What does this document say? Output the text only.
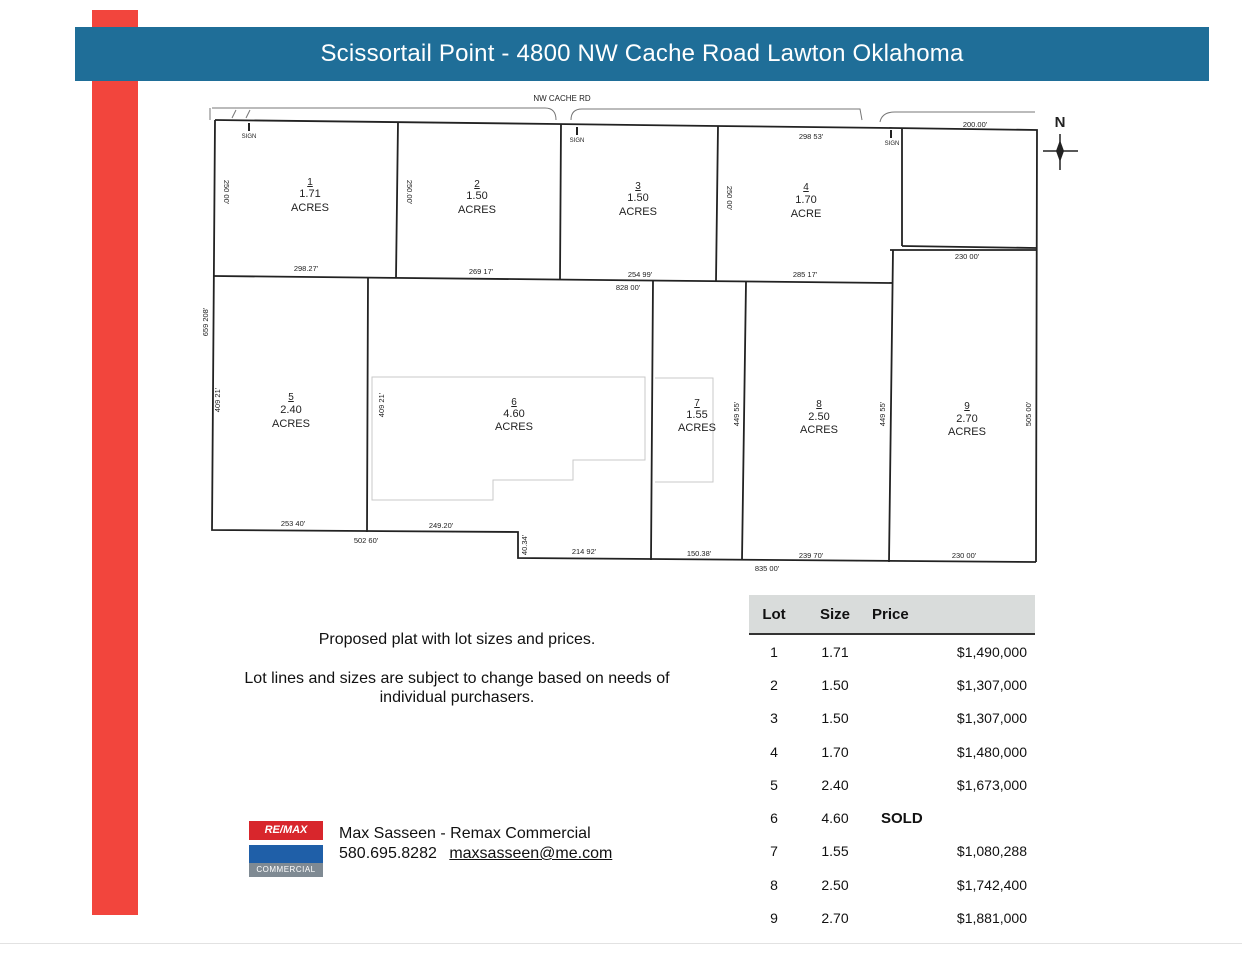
Scissortail Point - 4800 NW Cache Road Lawton Oklahoma
NW CACHE RD
SIGN
SIGN	SIGN
N
1
1.71
ACRES
2
1.50
ACRES
3
1.50
ACRES
4
1.70
ACRE
5
2.40
ACRES
6
4.60
ACRES
7
1.55
ACRES
8
2.50
ACRES
9
2.70
ACRES
200.00'
298 53'
298.27'	269 17'	254 99'
828 00'
285 17'
230 00'
253 40'	249.20'
502 60'
214 92'	150.38'	239 70'	230 00'
835 00'
250 00'	250.00'	250 00'
659 208'
409 21'	409 21'	449 55'	449 55'	505 00'
40.34'
Proposed plat with lot sizes and prices.
Lot lines and sizes are subject to change based on needs of
individual purchasers.
RE/MAX
COMMERCIAL
Max Sasseen - Remax Commercial
580.695.8282 maxsasseen@me.com
Lot	Size	Price
1	1.71	$1,490,000
2	1.50	$1,307,000
3	1.50	$1,307,000
4	1.70	$1,480,000
5	2.40	$1,673,000
6	4.60	SOLD
7	1.55	$1,080,288
8	2.50	$1,742,400
9	2.70	$1,881,000
